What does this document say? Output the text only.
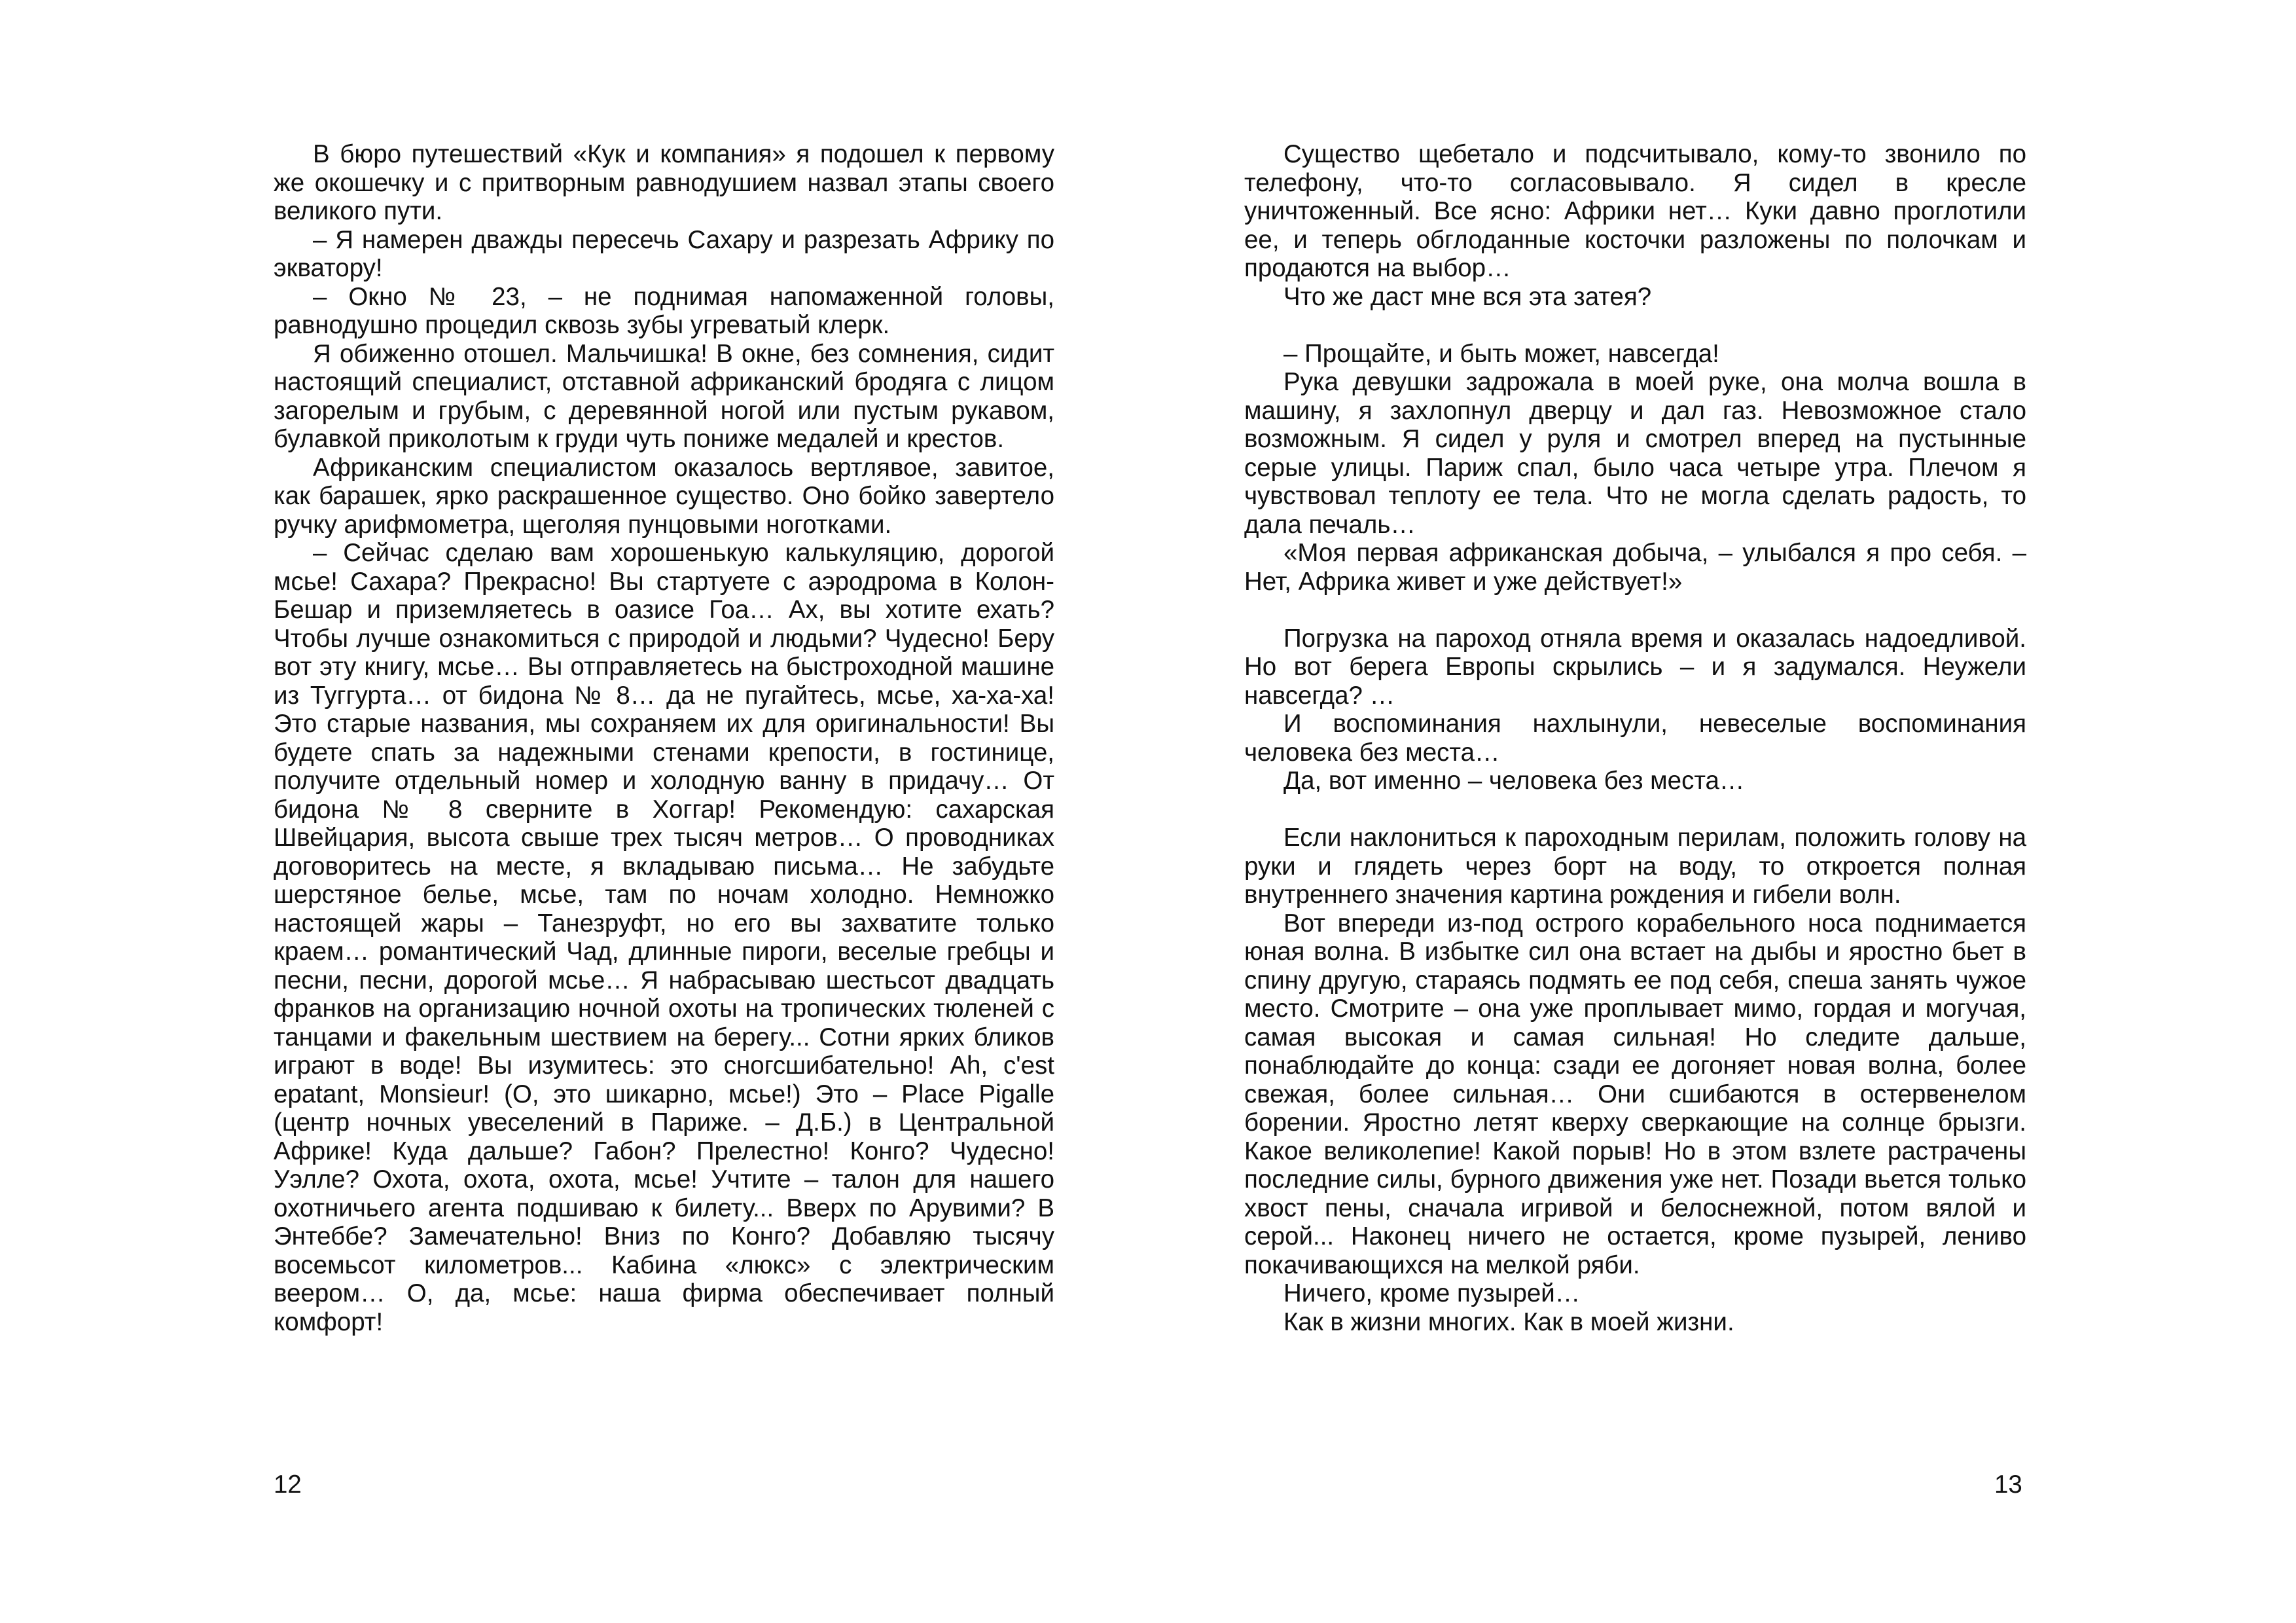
В бюро путешествий «Кук и компания» я подошел к первому же окошечку и с притворным равнодушием назвал этапы своего великого пути.

– Я намерен дважды пересечь Сахару и разрезать Африку по экватору!

– Окно № 23, – не поднимая напомаженной головы, равнодушно процедил сквозь зубы угреватый клерк.

Я обиженно отошел. Мальчишка! В окне, без сомнения, сидит настоящий специалист, отставной африканский бродяга с лицом загорелым и грубым, с деревянной ногой или пустым рукавом, булавкой приколотым к груди чуть пониже медалей и крестов.

Африканским специалистом оказалось вертлявое, завитое, как барашек, ярко раскрашенное существо. Оно бойко завертело ручку арифмометра, щеголяя пунцовыми ноготками.

– Сейчас сделаю вам хорошенькую калькуляцию, дорогой мсье! Сахара? Прекрасно! Вы стартуете с аэродрома в Колон-Бешар и приземляетесь в оазисе Гоа… Ах, вы хотите ехать? Чтобы лучше ознакомиться с природой и людьми? Чудесно! Беру вот эту книгу, мсье… Вы отправляетесь на быстроходной машине из Туггурта… от бидона № 8… да не пугайтесь, мсье, ха-ха-ха! Это старые названия, мы сохраняем их для оригинальности! Вы будете спать за надежными стенами крепости, в гостинице, получите отдельный номер и холодную ванну в придачу… От бидона № 8 сверните в Хоггар! Рекомендую: сахарская Швейцария, высота свыше трех тысяч метров… О проводниках договоритесь на месте, я вкладываю письма… Не забудьте шерстяное белье, мсье, там по ночам холодно. Немножко настоящей жары – Танезруфт, но его вы захватите только краем… романтический Чад, длинные пироги, веселые гребцы и песни, песни, дорогой мсье… Я набрасываю шестьсот двадцать франков на организацию ночной охоты на тропических тюленей с танцами и факельным шествием на берегу... Сотни ярких бликов играют в воде! Вы изумитесь: это сногсшибательно! Ah, c'est epatant, Monsieur! (О, это шикарно, мсье!) Это – Place Pigalle (центр ночных увеселений в Париже. – Д.Б.) в Центральной Африке! Куда дальше? Габон? Прелестно! Конго? Чудесно! Уэлле? Охота, охота, охота, мсье! Учтите – талон для нашего охотничьего агента подшиваю к билету... Вверх по Арувими? В Энтеббе? Замечательно! Вниз по Конго? Добавляю тысячу восемьсот километров... Кабина «люкс» с электрическим веером… О, да, мсье: наша фирма обеспечивает полный комфорт!

Существо щебетало и подсчитывало, кому-то звонило по телефону, что-то согласовывало. Я сидел в кресле уничтоженный. Все ясно: Африки нет… Куки давно проглотили ее, и теперь обглоданные косточки разложены по полочкам и продаются на выбор…

Что же даст мне вся эта затея?

– Прощайте, и быть может, навсегда!

Рука девушки задрожала в моей руке, она молча вошла в машину, я захлопнул дверцу и дал газ. Невозможное стало возможным. Я сидел у руля и смотрел вперед на пустынные серые улицы. Париж спал, было часа четыре утра. Плечом я чувствовал теплоту ее тела. Что не могла сделать радость, то дала печаль…

«Моя первая африканская добыча, – улыбался я про себя. – Нет, Африка живет и уже действует!»

Погрузка на пароход отняла время и оказалась надоедливой. Но вот берега Европы скрылись – и я задумался. Неужели навсегда? …

И воспоминания нахлынули, невеселые воспоминания человека без места…

Да, вот именно – человека без места…

Если наклониться к пароходным перилам, положить голову на руки и глядеть через борт на воду, то откроется полная внутреннего значения картина рождения и гибели волн.

Вот впереди из-под острого корабельного носа поднимается юная волна. В избытке сил она встает на дыбы и яростно бьет в спину другую, стараясь подмять ее под себя, спеша занять чужое место. Смотрите – она уже проплывает мимо, гордая и могучая, самая высокая и самая сильная! Но следите дальше, понаблюдайте до конца: сзади ее догоняет новая волна, более свежая, более сильная… Они сшибаются в остервенелом борении. Яростно летят кверху сверкающие на солнце брызги. Какое великолепие! Какой порыв! Но в этом взлете растрачены последние силы, бурного движения уже нет. Позади вьется только хвост пены, сначала игривой и белоснежной, потом вялой и серой... Наконец ничего не остается, кроме пузырей, лениво покачивающихся на мелкой ряби.

Ничего, кроме пузырей…

Как в жизни многих. Как в моей жизни.

12	13
